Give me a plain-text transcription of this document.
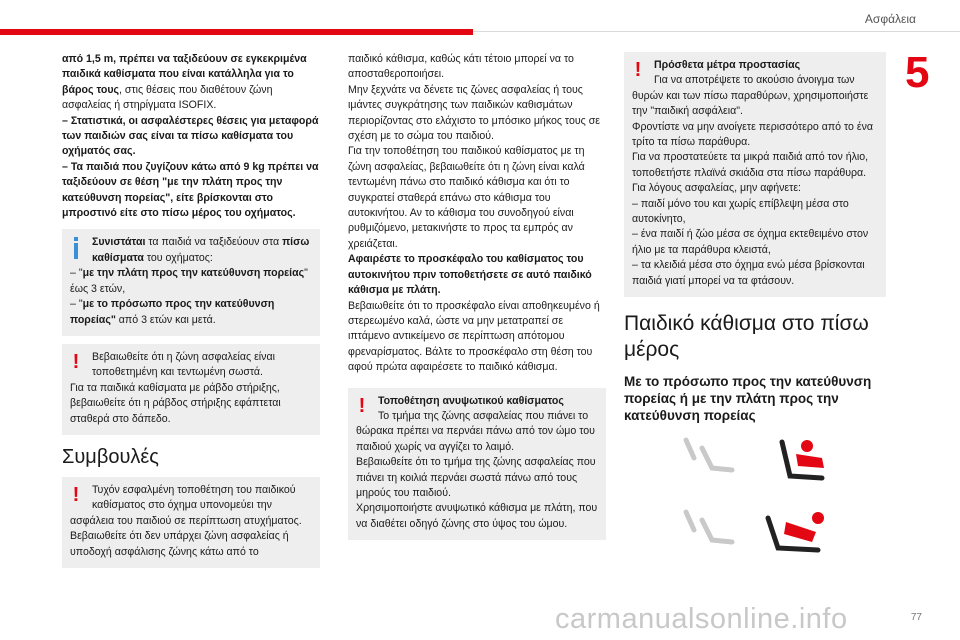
Ασφάλεια
5

από 1,5 m, πρέπει να ταξιδεύουν σε εγκεκριμένα παιδικά καθίσματα που είναι κατάλληλα για το βάρος τους, στις θέσεις που διαθέτουν ζώνη ασφαλείας ή στηρίγματα ISOFIX.

– Στατιστικά, οι ασφαλέστερες θέσεις για μεταφορά των παιδιών σας είναι τα πίσω καθίσματα του οχήματός σας.

– Τα παιδιά που ζυγίζουν κάτω από 9 kg πρέπει να ταξιδεύουν σε θέση "με την πλάτη προς την κατεύθυνση πορείας", είτε βρίσκονται στο μπροστινό είτε στο πίσω μέρος του οχήματος.

Συνιστάται τα παιδιά να ταξιδεύουν στα πίσω καθίσματα του οχήματος:

– "με την πλάτη προς την κατεύθυνση πορείας" έως 3 ετών,

– "με το πρόσωπο προς την κατεύθυνση πορείας" από 3 ετών και μετά.

!	Βεβαιωθείτε ότι η ζώνη ασφαλείας είναι τοποθετημένη και τεντωμένη σωστά.

Για τα παιδικά καθίσματα με ράβδο στήριξης, βεβαιωθείτε ότι η ράβδος στήριξης εφάπτεται σταθερά στο δάπεδο.

Συμβουλές
!	Τυχόν εσφαλμένη τοποθέτηση του παιδικού καθίσματος στο όχημα υπονομεύει την

ασφάλεια του παιδιού σε περίπτωση ατυχήματος. Βεβαιωθείτε ότι δεν υπάρχει ζώνη ασφαλείας ή υποδοχή ασφάλισης ζώνης κάτω από το

παιδικό κάθισμα, καθώς κάτι τέτοιο μπορεί να το αποσταθεροποιήσει.

Μην ξεχνάτε να δένετε τις ζώνες ασφαλείας ή τους ιμάντες συγκράτησης των παιδικών καθισμάτων περιορίζοντας στο ελάχιστο το μπόσικο μήκος τους σε σχέση με το σώμα του παιδιού.

Για την τοποθέτηση του παιδικού καθίσματος με τη ζώνη ασφαλείας, βεβαιωθείτε ότι η ζώνη είναι καλά τεντωμένη πάνω στο παιδικό κάθισμα και ότι το συγκρατεί σταθερά επάνω στο κάθισμα του αυτοκινήτου. Αν το κάθισμα του συνοδηγού είναι ρυθμιζόμενο, μετακινήστε το προς τα εμπρός αν χρειάζεται.

Αφαιρέστε το προσκέφαλο του καθίσματος του αυτοκινήτου πριν τοποθετήσετε σε αυτό παιδικό κάθισμα με πλάτη.

Βεβαιωθείτε ότι το προσκέφαλο είναι αποθηκευμένο ή στερεωμένο καλά, ώστε να μην μετατραπεί σε ιπτάμενο αντικείμενο σε περίπτωση απότομου φρεναρίσματος. Βάλτε το προσκέφαλο στη θέση του αφού πρώτα αφαιρέσετε το παιδικό κάθισμα.

!	Τοποθέτηση ανυψωτικού καθίσματος

Το τμήμα της ζώνης ασφαλείας που πιάνει το

θώρακα πρέπει να περνάει πάνω από τον ώμο του παιδιού χωρίς να αγγίζει το λαιμό.

Βεβαιωθείτε ότι το τμήμα της ζώνης ασφαλείας που πιάνει τη κοιλιά περνάει σωστά πάνω από τους μηρούς του παιδιού.

Χρησιμοποιήστε ανυψωτικό κάθισμα με πλάτη, που να διαθέτει οδηγό ζώνης στο ύψος του ώμου.

!	Πρόσθετα μέτρα προστασίας

Για να αποτρέψετε το ακούσιο άνοιγμα των

θυρών και των πίσω παραθύρων, χρησιμοποιήστε την "παιδική ασφάλεια".

Φροντίστε να μην ανοίγετε περισσότερο από το ένα τρίτο τα πίσω παράθυρα.

Για να προστατεύετε τα μικρά παιδιά από τον ήλιο, τοποθετήστε πλαϊνά σκιάδια στα πίσω παράθυρα.

Για λόγους ασφαλείας, μην αφήνετε:

– παιδί μόνο του και χωρίς επίβλεψη μέσα στο αυτοκίνητο,

– ένα παιδί ή ζώο μέσα σε όχημα εκτεθειμένο στον ήλιο με τα παράθυρα κλειστά,

– τα κλειδιά μέσα στο όχημα ενώ μέσα βρίσκονται παιδιά γιατί μπορεί να τα φτάσουν.

Παιδικό κάθισμα στο πίσω μέρος
Με το πρόσωπο προς την κατεύθυνση πορείας ή με την πλάτη προς την κατεύθυνση πορείας
carmanualsonline.info	77
